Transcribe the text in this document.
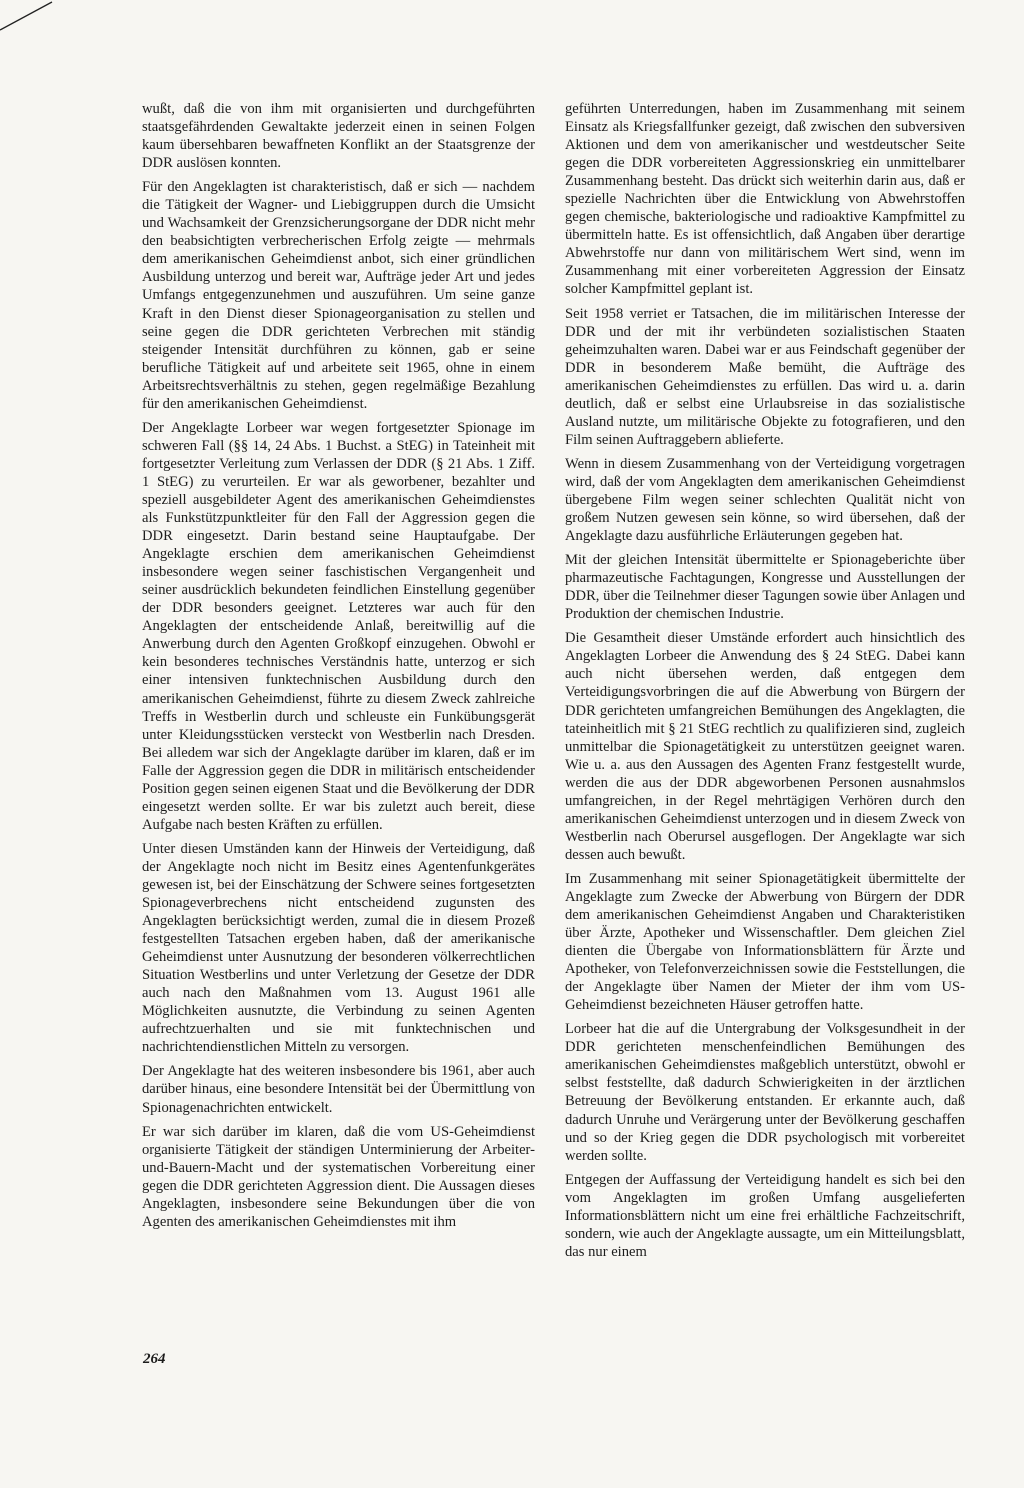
wußt, daß die von ihm mit organisierten und durchgeführten staatsgefährdenden Gewaltakte jederzeit einen in seinen Folgen kaum übersehbaren bewaffneten Konflikt an der Staatsgrenze der DDR auslösen konnten.

Für den Angeklagten ist charakteristisch, daß er sich — nachdem die Tätigkeit der Wagner- und Liebiggruppen durch die Umsicht und Wachsamkeit der Grenzsicherungsorgane der DDR nicht mehr den beabsichtigten verbrecherischen Erfolg zeigte — mehrmals dem amerikanischen Geheimdienst anbot, sich einer gründlichen Ausbildung unterzog und bereit war, Aufträge jeder Art und jedes Umfangs entgegenzunehmen und auszuführen. Um seine ganze Kraft in den Dienst dieser Spionageorganisation zu stellen und seine gegen die DDR gerichteten Verbrechen mit ständig steigender Intensität durchführen zu können, gab er seine berufliche Tätigkeit auf und arbeitete seit 1965, ohne in einem Arbeitsrechtsverhältnis zu stehen, gegen regelmäßige Bezahlung für den amerikanischen Geheimdienst.

Der Angeklagte Lorbeer war wegen fortgesetzter Spionage im schweren Fall (§§ 14, 24 Abs. 1 Buchst. a StEG) in Tateinheit mit fortgesetzter Verleitung zum Verlassen der DDR (§ 21 Abs. 1 Ziff. 1 StEG) zu verurteilen. Er war als geworbener, bezahlter und speziell ausgebildeter Agent des amerikanischen Geheimdienstes als Funkstützpunktleiter für den Fall der Aggression gegen die DDR eingesetzt. Darin bestand seine Hauptaufgabe. Der Angeklagte erschien dem amerikanischen Geheimdienst insbesondere wegen seiner faschistischen Vergangenheit und seiner ausdrücklich bekundeten feindlichen Einstellung gegenüber der DDR besonders geeignet. Letzteres war auch für den Angeklagten der entscheidende Anlaß, bereitwillig auf die Anwerbung durch den Agenten Großkopf einzugehen. Obwohl er kein besonderes technisches Verständnis hatte, unterzog er sich einer intensiven funktechnischen Ausbildung durch den amerikanischen Geheimdienst, führte zu diesem Zweck zahlreiche Treffs in Westberlin durch und schleuste ein Funkübungsgerät unter Kleidungsstücken versteckt von Westberlin nach Dresden. Bei alledem war sich der Angeklagte darüber im klaren, daß er im Falle der Aggression gegen die DDR in militärisch entscheidender Position gegen seinen eigenen Staat und die Bevölkerung der DDR eingesetzt werden sollte. Er war bis zuletzt auch bereit, diese Aufgabe nach besten Kräften zu erfüllen.

Unter diesen Umständen kann der Hinweis der Verteidigung, daß der Angeklagte noch nicht im Besitz eines Agentenfunkgerätes gewesen ist, bei der Einschätzung der Schwere seines fortgesetzten Spionageverbrechens nicht entscheidend zugunsten des Angeklagten berücksichtigt werden, zumal die in diesem Prozeß festgestellten Tatsachen ergeben haben, daß der amerikanische Geheimdienst unter Ausnutzung der besonderen völkerrechtlichen Situation Westberlins und unter Verletzung der Gesetze der DDR auch nach den Maßnahmen vom 13. August 1961 alle Möglichkeiten ausnutzte, die Verbindung zu seinen Agenten aufrechtzuerhalten und sie mit funktechnischen und nachrichtendienstlichen Mitteln zu versorgen.

Der Angeklagte hat des weiteren insbesondere bis 1961, aber auch darüber hinaus, eine besondere Intensität bei der Übermittlung von Spionagenachrichten entwickelt.

Er war sich darüber im klaren, daß die vom US-Geheimdienst organisierte Tätigkeit der ständigen Unterminierung der Arbeiter-und-Bauern-Macht und der systematischen Vorbereitung einer gegen die DDR gerichteten Aggression dient. Die Aussagen dieses Angeklagten, insbesondere seine Bekundungen über die von Agenten des amerikanischen Geheimdienstes mit ihm

geführten Unterredungen, haben im Zusammenhang mit seinem Einsatz als Kriegsfallfunker gezeigt, daß zwischen den subversiven Aktionen und dem von amerikanischer und westdeutscher Seite gegen die DDR vorbereiteten Aggressionskrieg ein unmittelbarer Zusammenhang besteht. Das drückt sich weiterhin darin aus, daß er spezielle Nachrichten über die Entwicklung von Abwehrstoffen gegen chemische, bakteriologische und radioaktive Kampfmittel zu übermitteln hatte. Es ist offensichtlich, daß Angaben über derartige Abwehrstoffe nur dann von militärischem Wert sind, wenn im Zusammenhang mit einer vorbereiteten Aggression der Einsatz solcher Kampfmittel geplant ist.

Seit 1958 verriet er Tatsachen, die im militärischen Interesse der DDR und der mit ihr verbündeten sozialistischen Staaten geheimzuhalten waren. Dabei war er aus Feindschaft gegenüber der DDR in besonderem Maße bemüht, die Aufträge des amerikanischen Geheimdienstes zu erfüllen. Das wird u. a. darin deutlich, daß er selbst eine Urlaubsreise in das sozialistische Ausland nutzte, um militärische Objekte zu fotografieren, und den Film seinen Auftraggebern ablieferte.

Wenn in diesem Zusammenhang von der Verteidigung vorgetragen wird, daß der vom Angeklagten dem amerikanischen Geheimdienst übergebene Film wegen seiner schlechten Qualität nicht von großem Nutzen gewesen sein könne, so wird übersehen, daß der Angeklagte dazu ausführliche Erläuterungen gegeben hat.

Mit der gleichen Intensität übermittelte er Spionageberichte über pharmazeutische Fachtagungen, Kongresse und Ausstellungen der DDR, über die Teilnehmer dieser Tagungen sowie über Anlagen und Produktion der chemischen Industrie.

Die Gesamtheit dieser Umstände erfordert auch hinsichtlich des Angeklagten Lorbeer die Anwendung des § 24 StEG. Dabei kann auch nicht übersehen werden, daß entgegen dem Verteidigungsvorbringen die auf die Abwerbung von Bürgern der DDR gerichteten umfangreichen Bemühungen des Angeklagten, die tateinheitlich mit § 21 StEG rechtlich zu qualifizieren sind, zugleich unmittelbar die Spionagetätigkeit zu unterstützen geeignet waren. Wie u. a. aus den Aussagen des Agenten Franz festgestellt wurde, werden die aus der DDR abgeworbenen Personen ausnahmslos umfangreichen, in der Regel mehrtägigen Verhören durch den amerikanischen Geheimdienst unterzogen und in diesem Zweck von Westberlin nach Oberursel ausgeflogen. Der Angeklagte war sich dessen auch bewußt.

Im Zusammenhang mit seiner Spionagetätigkeit übermittelte der Angeklagte zum Zwecke der Abwerbung von Bürgern der DDR dem amerikanischen Geheimdienst Angaben und Charakteristiken über Ärzte, Apotheker und Wissenschaftler. Dem gleichen Ziel dienten die Übergabe von Informationsblättern für Ärzte und Apotheker, von Telefonverzeichnissen sowie die Feststellungen, die der Angeklagte über Namen der Mieter der ihm vom US-Geheimdienst bezeichneten Häuser getroffen hatte.

Lorbeer hat die auf die Untergrabung der Volksgesundheit in der DDR gerichteten menschenfeindlichen Bemühungen des amerikanischen Geheimdienstes maßgeblich unterstützt, obwohl er selbst feststellte, daß dadurch Schwierigkeiten in der ärztlichen Betreuung der Bevölkerung entstanden. Er erkannte auch, daß dadurch Unruhe und Verärgerung unter der Bevölkerung geschaffen und so der Krieg gegen die DDR psychologisch mit vorbereitet werden sollte.

Entgegen der Auffassung der Verteidigung handelt es sich bei den vom Angeklagten im großen Umfang ausgelieferten Informationsblättern nicht um eine frei erhältliche Fachzeitschrift, sondern, wie auch der Angeklagte aussagte, um ein Mitteilungsblatt, das nur einem

264
